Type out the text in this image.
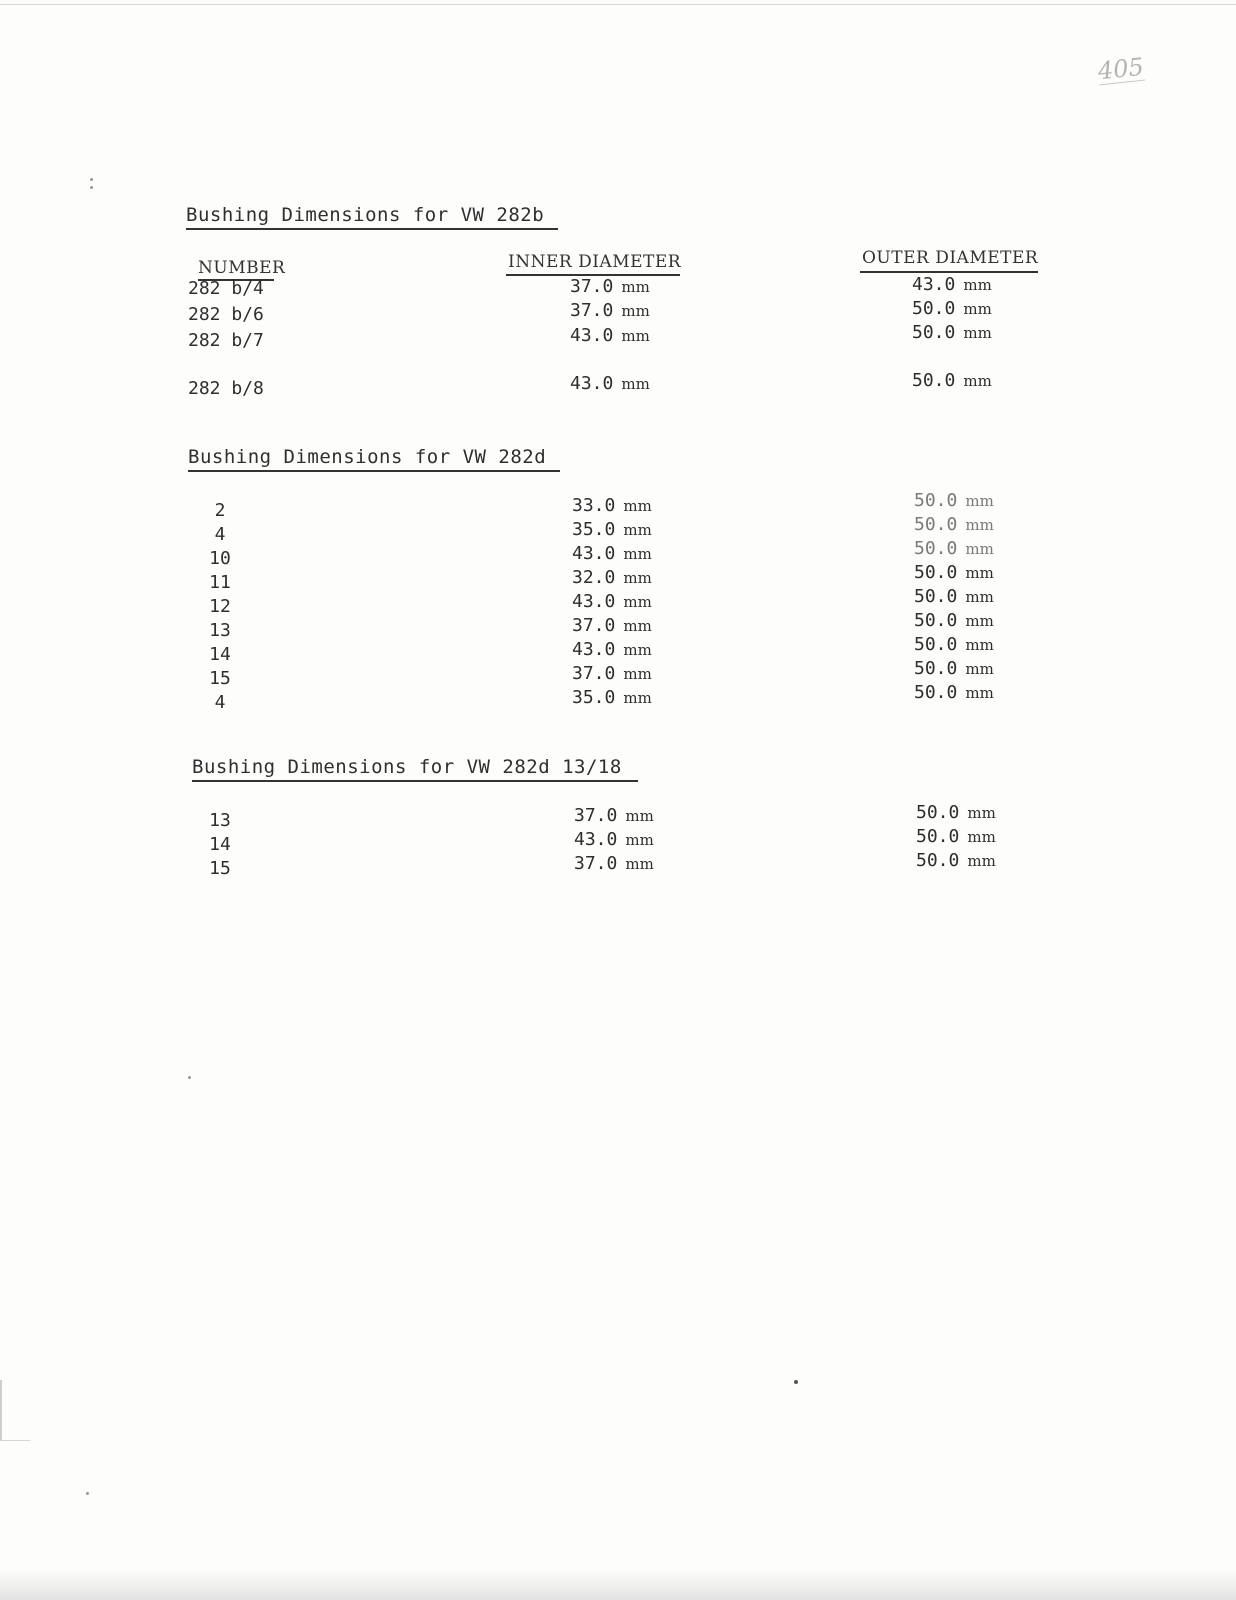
405
Bushing Dimensions for VW 282b
NUMBER	INNER DIAMETER	OUTER DIAMETER
282 b/4	37.0 mm	43.0 mm
282 b/6	37.0 mm	50.0 mm
282 b/7	43.0 mm	50.0 mm
282 b/8	43.0 mm	50.0 mm
Bushing Dimensions for VW 282d
2	33.0 mm	50.0 mm
4	35.0 mm	50.0 mm
10	43.0 mm	50.0 mm
11	32.0 mm	50.0 mm
12	43.0 mm	50.0 mm
13	37.0 mm	50.0 mm
14	43.0 mm	50.0 mm
15	37.0 mm	50.0 mm
4	35.0 mm	50.0 mm
Bushing Dimensions for VW 282d 13/18
13	37.0 mm	50.0 mm
14	43.0 mm	50.0 mm
15	37.0 mm	50.0 mm
